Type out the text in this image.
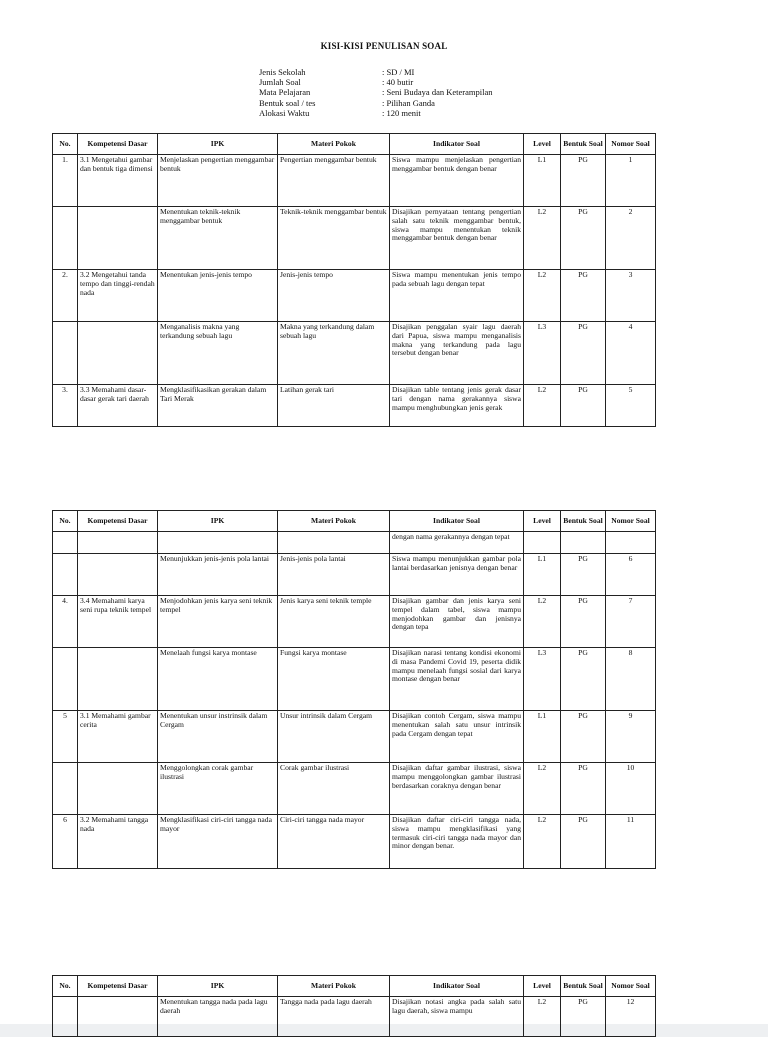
KISI-KISI PENULISAN SOAL
Jenis Sekolah	: SD / MI
Jumlah Soal	: 40 butir
Mata Pelajaran	: Seni Budaya dan Keterampilan
Bentuk soal / tes	: Pilihan Ganda
Alokasi Waktu	: 120 menit
No.	Kompetensi Dasar	IPK	Materi Pokok	Indikator Soal	Level	Bentuk Soal	Nomor Soal
1.	3.1 Mengetahui gambar dan bentuk tiga dimensi	Menjelaskan pengertian menggambar bentuk	Pengertian menggambar bentuk	Siswa mampu menjelaskan pengertian menggambar bentuk dengan benar	L1	PG	1
		Menentukan teknik-teknik menggambar bentuk	Teknik-teknik menggambar bentuk	Disajikan pernyataan tentang pengertian salah satu teknik menggambar bentuk, siswa mampu menentukan teknik menggambar bentuk dengan benar	L2	PG	2
2.	3.2 Mengetahui tanda tempo dan tinggi-rendah nada	Menentukan jenis-jenis tempo	Jenis-jenis tempo	Siswa mampu menentukan jenis tempo pada sebuah lagu dengan tepat	L2	PG	3
		Menganalisis makna yang terkandung sebuah lagu	Makna yang terkandung dalam sebuah lagu	Disajikan penggalan syair lagu daerah dari Papua, siswa mampu menganalisis makna yang terkandung pada lagu tersebut dengan benar	L3	PG	4
3.	3.3 Memahami dasar-dasar gerak tari daerah	Mengklasifikasikan gerakan dalam Tari Merak	Latihan gerak tari	Disajikan table tentang jenis gerak dasar tari dengan nama gerakannya siswa mampu menghubungkan jenis gerak	L2	PG	5
No.	Kompetensi Dasar	IPK	Materi Pokok	Indikator Soal	Level	Bentuk Soal	Nomor Soal
				dengan nama gerakannya dengan tepat			
		Menunjukkan jenis-jenis pola lantai	Jenis-jenis pola lantai	Siswa mampu menunjukkan gambar pola lantai berdasarkan jenisnya dengan benar	L1	PG	6
4.	3.4 Memahami karya seni rupa teknik tempel	Menjodohkan jenis karya seni teknik tempel	Jenis karya seni teknik temple	Disajikan gambar dan jenis karya seni tempel dalam tabel, siswa mampu menjodohkan gambar dan jenisnya dengan tepa	L2	PG	7
		Menelaah fungsi karya montase	Fungsi karya montase	Disajikan narasi tentang kondisi ekonomi di masa Pandemi Covid 19, peserta didik mampu menelaah fungsi sosial dari karya montase dengan benar	L3	PG	8
5	3.1 Memahami gambar cerita	Menentukan unsur instrinsik dalam Cergam	Unsur intrinsik dalam Cergam	Disajikan contoh Cergam, siswa mampu menentukan salah satu unsur intrinsik pada Cergam dengan tepat	L1	PG	9
		Menggolongkan corak gambar ilustrasi	Corak gambar ilustrasi	Disajikan daftar gambar ilustrasi, siswa mampu menggolongkan gambar ilustrasi berdasarkan coraknya dengan benar	L2	PG	10
6	3.2 Memahami tangga nada	Mengklasifikasi ciri-ciri tangga nada mayor	Ciri-ciri tangga nada mayor	Disajikan daftar ciri-ciri tangga nada, siswa mampu mengklasifikasi yang termasuk ciri-ciri tangga nada mayor dan minor dengan benar.	L2	PG	11
No.	Kompetensi Dasar	IPK	Materi Pokok	Indikator Soal	Level	Bentuk Soal	Nomor Soal
		Menentukan tangga nada pada lagu daerah	Tangga nada pada lagu daerah	Disajikan notasi angka pada salah satu lagu daerah, siswa mampu	L2	PG	12
